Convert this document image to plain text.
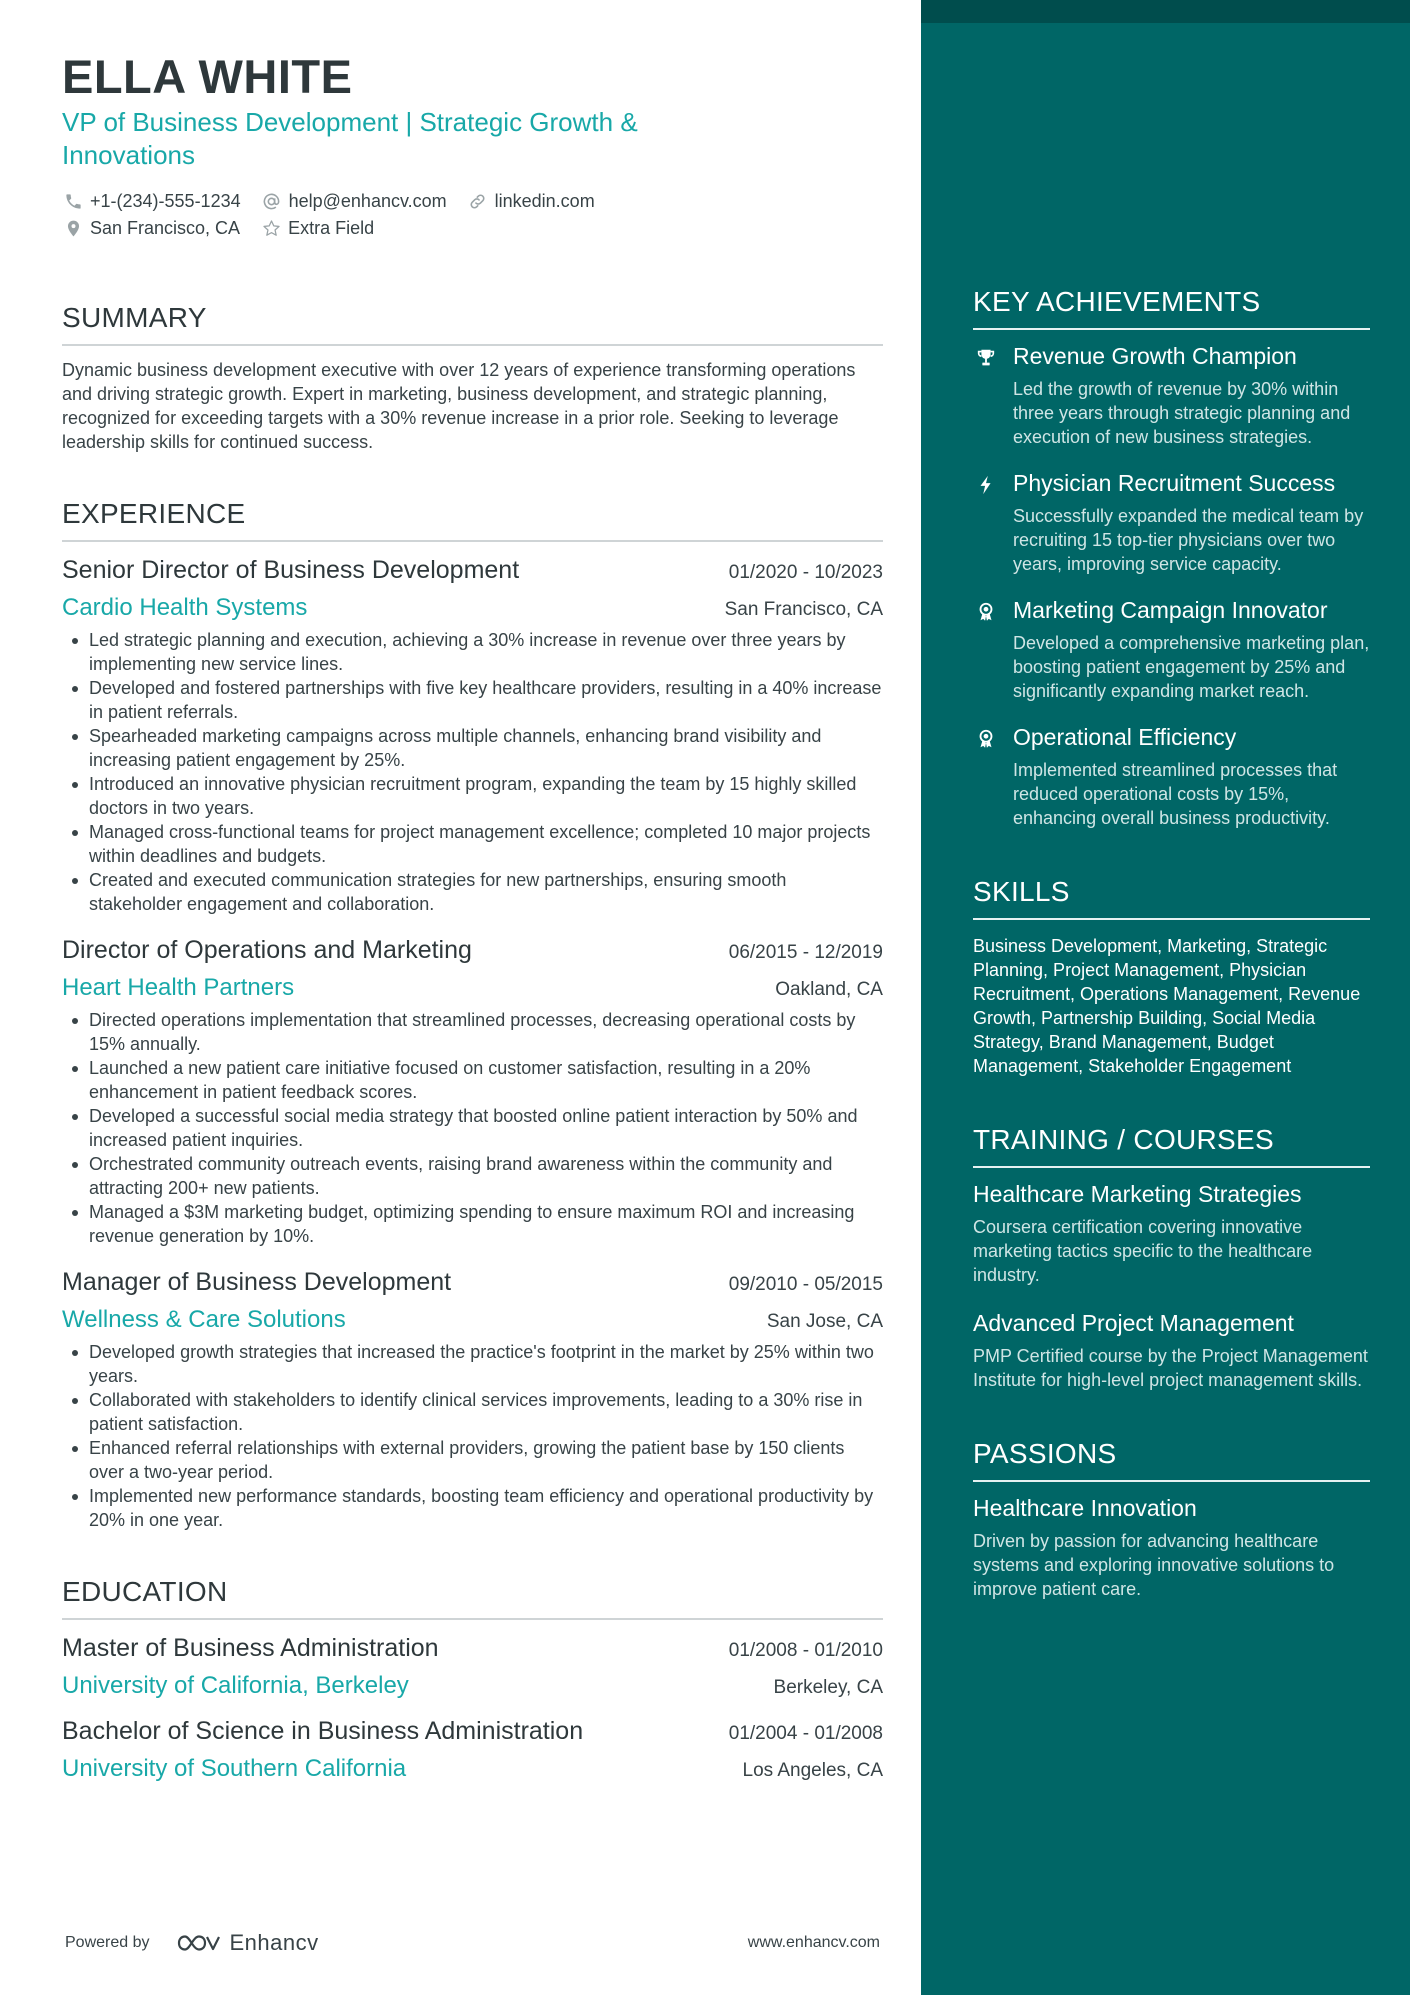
ELLA WHITE
VP of Business Development | Strategic Growth & Innovations
+1-(234)-555-1234	help@enhancv.com	linkedin.com
San Francisco, CA	Extra Field
SUMMARY
Dynamic business development executive with over 12 years of experience transforming operations and driving strategic growth. Expert in marketing, business development, and strategic planning, recognized for exceeding targets with a 30% revenue increase in a prior role. Seeking to leverage leadership skills for continued success.
EXPERIENCE
Senior Director of Business Development	01/2020 - 10/2023
Cardio Health Systems	San Francisco, CA
Led strategic planning and execution, achieving a 30% increase in revenue over three years by implementing new service lines.
Developed and fostered partnerships with five key healthcare providers, resulting in a 40% increase in patient referrals.
Spearheaded marketing campaigns across multiple channels, enhancing brand visibility and increasing patient engagement by 25%.
Introduced an innovative physician recruitment program, expanding the team by 15 highly skilled doctors in two years.
Managed cross-functional teams for project management excellence; completed 10 major projects within deadlines and budgets.
Created and executed communication strategies for new partnerships, ensuring smooth stakeholder engagement and collaboration.
Director of Operations and Marketing	06/2015 - 12/2019
Heart Health Partners	Oakland, CA
Directed operations implementation that streamlined processes, decreasing operational costs by 15% annually.
Launched a new patient care initiative focused on customer satisfaction, resulting in a 20% enhancement in patient feedback scores.
Developed a successful social media strategy that boosted online patient interaction by 50% and increased patient inquiries.
Orchestrated community outreach events, raising brand awareness within the community and attracting 200+ new patients.
Managed a $3M marketing budget, optimizing spending to ensure maximum ROI and increasing revenue generation by 10%.
Manager of Business Development	09/2010 - 05/2015
Wellness & Care Solutions	San Jose, CA
Developed growth strategies that increased the practice's footprint in the market by 25% within two years.
Collaborated with stakeholders to identify clinical services improvements, leading to a 30% rise in patient satisfaction.
Enhanced referral relationships with external providers, growing the patient base by 150 clients over a two-year period.
Implemented new performance standards, boosting team efficiency and operational productivity by 20% in one year.
EDUCATION
Master of Business Administration	01/2008 - 01/2010
University of California, Berkeley	Berkeley, CA
Bachelor of Science in Business Administration	01/2004 - 01/2008
University of Southern California	Los Angeles, CA
Powered by	Enhancv	www.enhancv.com
KEY ACHIEVEMENTS
Revenue Growth Champion
Led the growth of revenue by 30% within three years through strategic planning and execution of new business strategies.
Physician Recruitment Success
Successfully expanded the medical team by recruiting 15 top-tier physicians over two years, improving service capacity.
Marketing Campaign Innovator
Developed a comprehensive marketing plan, boosting patient engagement by 25% and significantly expanding market reach.
Operational Efficiency
Implemented streamlined processes that reduced operational costs by 15%, enhancing overall business productivity.
SKILLS
Business Development, Marketing, Strategic Planning, Project Management, Physician Recruitment, Operations Management, Revenue Growth, Partnership Building, Social Media Strategy, Brand Management, Budget Management, Stakeholder Engagement
TRAINING / COURSES
Healthcare Marketing Strategies
Coursera certification covering innovative marketing tactics specific to the healthcare industry.
Advanced Project Management
PMP Certified course by the Project Management Institute for high-level project management skills.
PASSIONS
Healthcare Innovation
Driven by passion for advancing healthcare systems and exploring innovative solutions to improve patient care.
